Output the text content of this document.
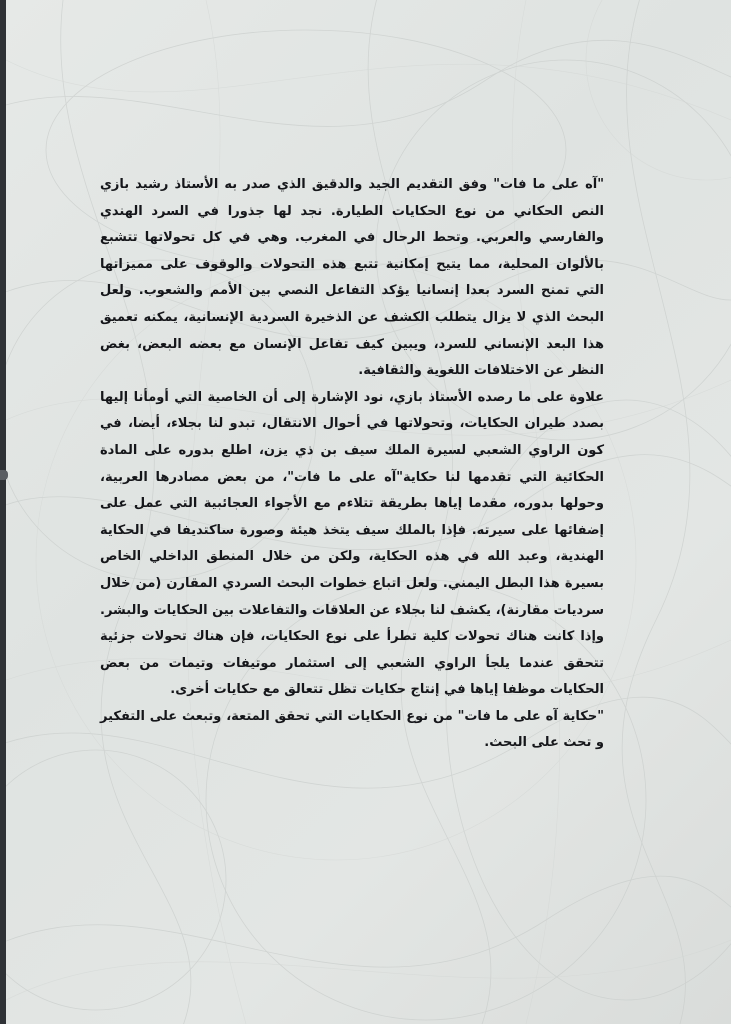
"آه على ما فات" وفق التقديم الجيد والدقيق الذي صدر به الأستاذ رشيد بازي النص الحكاني من نوع الحكايات الطيارة. نجد لها جذورا في السرد الهندي والفارسي والعربي. وتحط الرحال في المغرب. وهي في كل تحولاتها تتشبع بالألوان المحلية، مما يتيح إمكانية تتبع هذه التحولات والوقوف على مميزاتها التي تمنح السرد بعدا إنسانيا يؤكد التفاعل النصي بين الأمم والشعوب. ولعل البحث الذي لا يزال يتطلب الكشف عن الذخيرة السردية الإنسانية، يمكنه تعميق هذا البعد الإنساني للسرد، ويبين كيف تفاعل الإنسان مع بعضه البعض، بغض النظر عن الاختلافات اللغوية والثقافية.

علاوة على ما رصده الأستاذ بازي، نود الإشارة إلى أن الخاصية التي أومأنا إليها بصدد طيران الحكايات، وتحولاتها في أحوال الانتقال، تبدو لنا بجلاء، أيضا، في كون الراوي الشعبي لسيرة الملك سيف بن ذي يزن، اطلع بدوره على المادة الحكائية التي تقدمها لنا حكاية"آه على ما فات"، من بعض مصادرها العربية، وحولها بدوره، مقدما إياها بطريقة تتلاءم مع الأجواء العجائبية التي عمل على إضفائها على سيرته. فإذا بالملك سيف يتخذ هيئة وصورة ساكتديفا في الحكاية الهندية، وعبد الله في هذه الحكاية، ولكن من خلال المنطق الداخلي الخاص بسيرة هذا البطل اليمني. ولعل اتباع خطوات البحث السردي المقارن (من خلال سرديات مقارنة)، يكشف لنا بجلاء عن العلاقات والتفاعلات بين الحكايات والبشر. وإذا كانت هناك تحولات كلية تطرأ على نوع الحكايات، فإن هناك تحولات جزئية تتحقق عندما يلجأ الراوي الشعبي إلى استثمار موتيفات وتيمات من بعض الحكايات موظفا إياها في إنتاج حكايات تظل تتعالق مع حكايات أخرى.

"حكاية آه على ما فات" من نوع الحكايات التي تحقق المتعة، وتبعث على التفكير و تحث على البحث.
